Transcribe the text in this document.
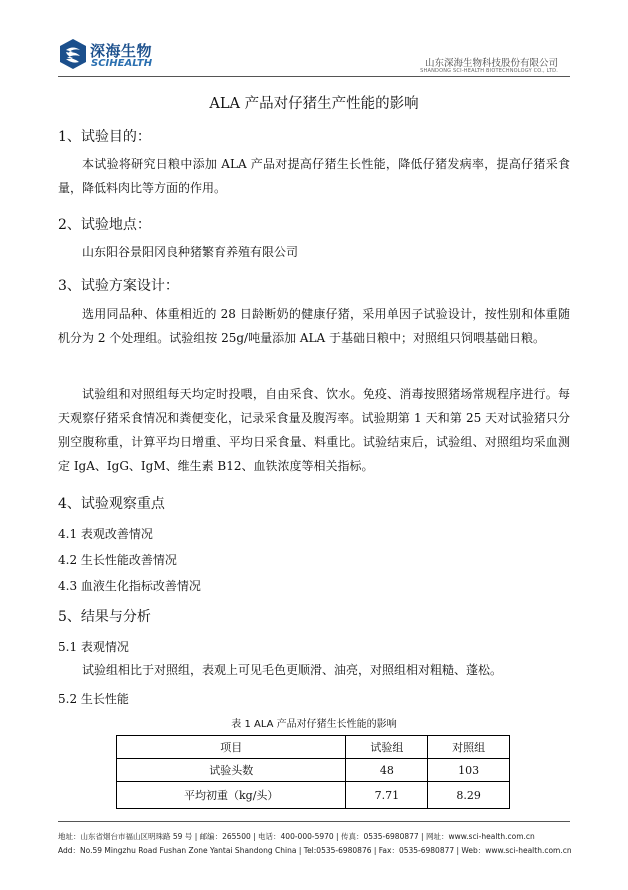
深海生物
SCIHEALTH	山东深海生物科技股份有限公司
SHANDONG SCI-HEALTH BIOTECHNOLOGY CO., LTD.
ALA 产品对仔猪生产性能的影响
1、试验目的：

本试验将研究日粮中添加 ALA 产品对提高仔猪生长性能，降低仔猪发病率，提高仔猪采食量，降低料肉比等方面的作用。

2、试验地点：

山东阳谷景阳冈良种猪繁育养殖有限公司

3、试验方案设计：

选用同品种、体重相近的 28 日龄断奶的健康仔猪，采用单因子试验设计，按性别和体重随机分为 2 个处理组。试验组按 25g/吨量添加 ALA 于基础日粮中；对照组只饲喂基础日粮。

试验组和对照组每天均定时投喂，自由采食、饮水。免疫、消毒按照猪场常规程序进行。每天观察仔猪采食情况和粪便变化，记录采食量及腹泻率。试验期第 1 天和第 25 天对试验猪只分别空腹称重，计算平均日增重、平均日采食量、料重比。试验结束后，试验组、对照组均采血测定 IgA、IgG、IgM、维生素 B12、血铁浓度等相关指标。

4、试验观察重点
4.1 表观改善情况
4.2 生长性能改善情况
4.3 血液生化指标改善情况
5、结果与分析
5.1 表观情况

试验组相比于对照组，表观上可见毛色更顺滑、油亮，对照组相对粗糙、蓬松。

5.2 生长性能
表 1 ALA 产品对仔猪生长性能的影响
项目	试验组	对照组
试验头数	48	103
平均初重（kg/头）	7.71	8.29
地址：山东省烟台市福山区明珠路 59 号 | 邮编：265500 | 电话：400-000-5970 | 传真：0535-6980877 | 网址：www.sci-health.com.cn
Add：No.59 Mingzhu Road Fushan Zone Yantai Shandong China | Tel:0535-6980876 | Fax：0535-6980877 | Web：www.sci-health.com.cn
